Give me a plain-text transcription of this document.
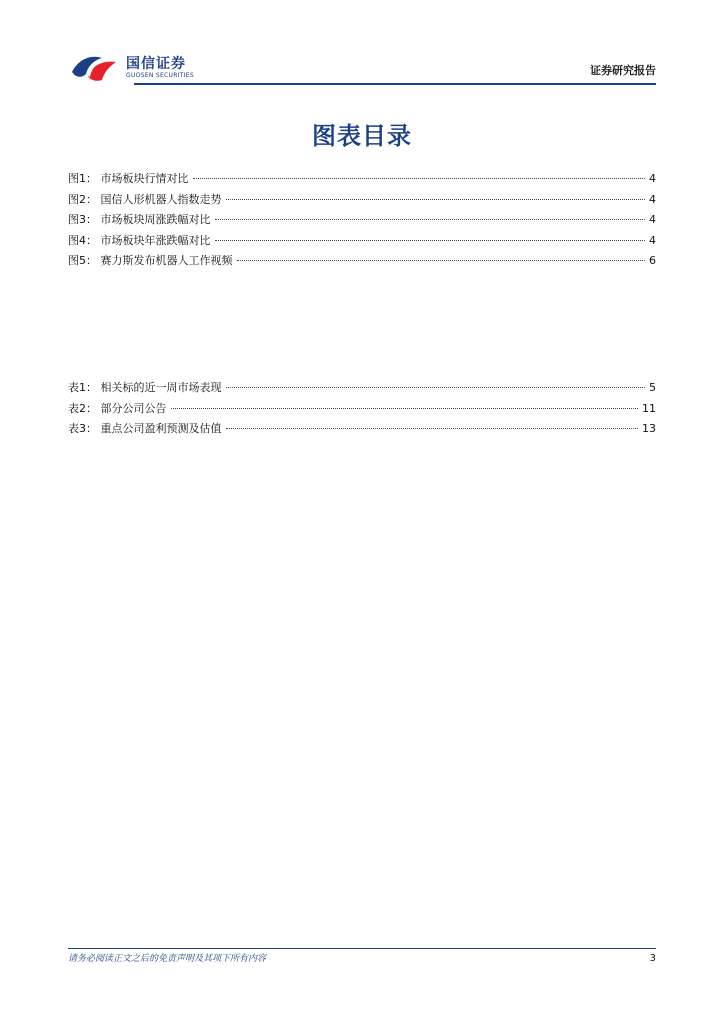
国信证券
GUOSEN SECURITIES	证券研究报告
图表目录
图1： 市场板块行情对比	4
图2： 国信人形机器人指数走势	4
图3： 市场板块周涨跌幅对比	4
图4： 市场板块年涨跌幅对比	4
图5： 赛力斯发布机器人工作视频	6
表1： 相关标的近一周市场表现	5
表2： 部分公司公告	11
表3： 重点公司盈利预测及估值	13
请务必阅读正文之后的免责声明及其项下所有内容	3
